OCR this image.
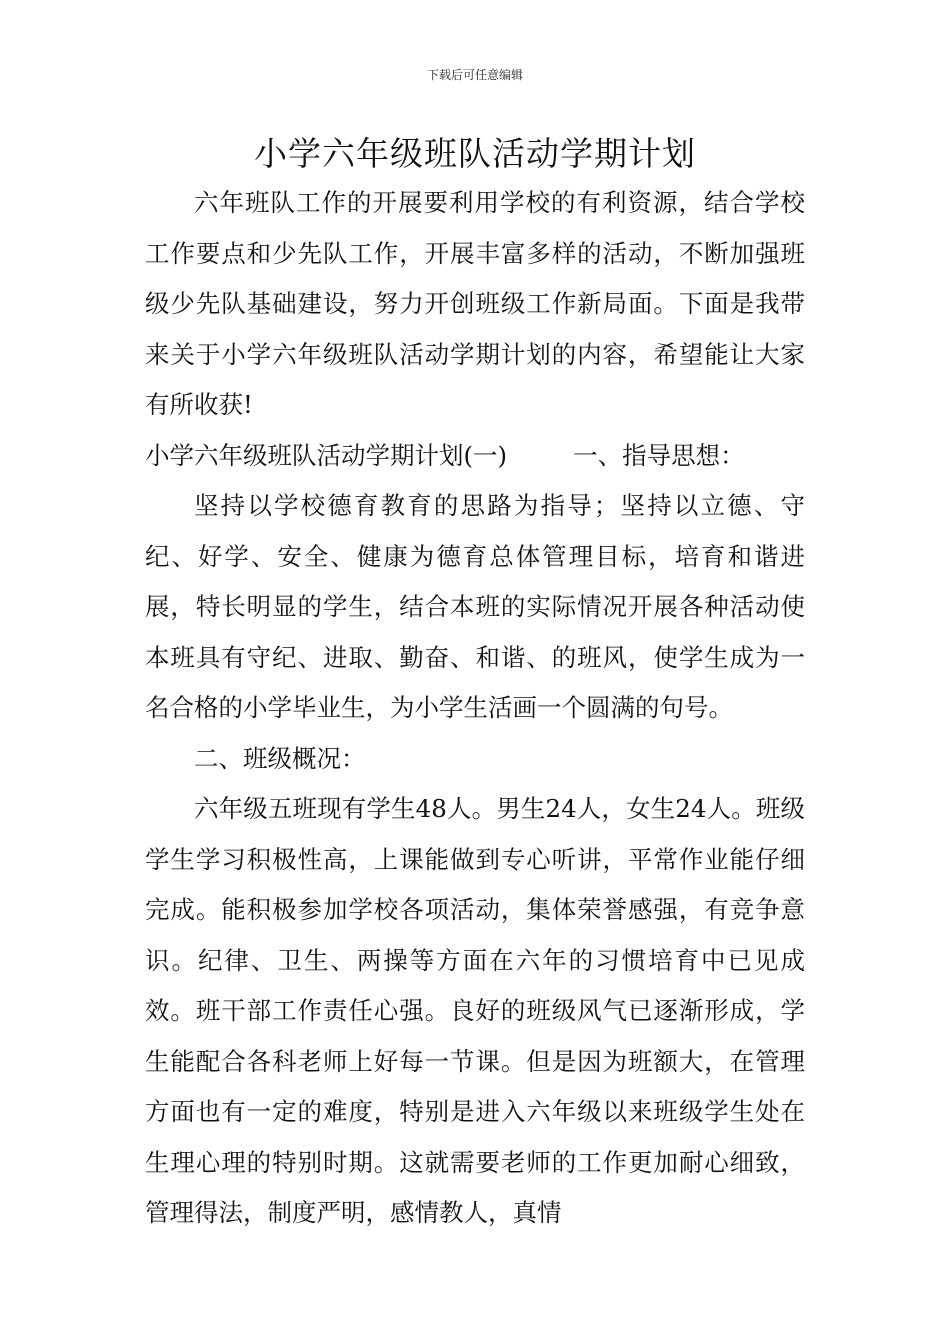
下载后可任意编辑
小学六年级班队活动学期计划

六年班队工作的开展要利用学校的有利资源，结合学校工作要点和少先队工作，开展丰富多样的活动，不断加强班级少先队基础建设，努力开创班级工作新局面。下面是我带来关于小学六年级班队活动学期计划的内容，希望能让大家有所收获!

小学六年级班队活动学期计划(一)	一、指导思想：

坚持以学校德育教育的思路为指导；坚持以立德、守纪、好学、安全、健康为德育总体管理目标，培育和谐进展，特长明显的学生，结合本班的实际情况开展各种活动使本班具有守纪、进取、勤奋、和谐、的班风，使学生成为一名合格的小学毕业生，为小学生活画一个圆满的句号。

二、班级概况：

六年级五班现有学生48人。男生24人，女生24人。班级学生学习积极性高，上课能做到专心听讲，平常作业能仔细完成。能积极参加学校各项活动，集体荣誉感强，有竞争意识。纪律、卫生、两操等方面在六年的习惯培育中已见成效。班干部工作责任心强。良好的班级风气已逐渐形成，学生能配合各科老师上好每一节课。但是因为班额大，在管理方面也有一定的难度，特别是进入六年级以来班级学生处在生理心理的特别时期。这就需要老师的工作更加耐心细致，管理得法，制度严明，感情教人，真情
